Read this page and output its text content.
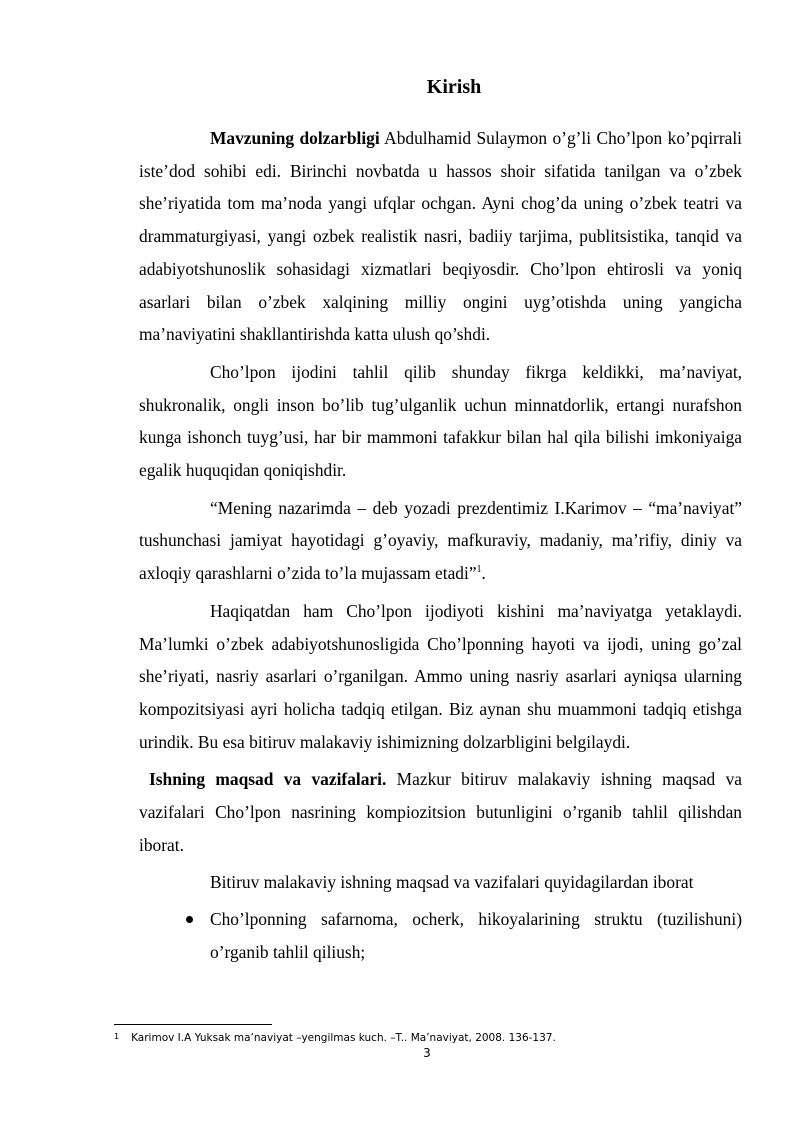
Kirish

Mavzuning dolzarbligi Abdulhamid Sulaymon o’g’li Cho’lpon ko’pqirrali iste’dod sohibi edi. Birinchi novbatda u hassos shoir sifatida tanilgan va o’zbek she’riyatida tom ma’noda yangi ufqlar ochgan. Ayni chog’da uning o’zbek teatri va drammaturgiyasi, yangi ozbek realistik nasri, badiiy tarjima, publitsistika, tanqid va adabiyotshunoslik sohasidagi xizmatlari beqiyosdir. Cho’lpon ehtirosli va yoniq asarlari bilan o’zbek xalqining milliy ongini uyg’otishda uning yangicha ma’naviyatini shakllantirishda katta ulush qo’shdi.

Cho’lpon ijodini tahlil qilib shunday fikrga keldikki, ma’naviyat, shukronalik, ongli inson bo’lib tug’ulganlik uchun minnatdorlik, ertangi nurafshon kunga ishonch tuyg’usi, har bir mammoni tafakkur bilan hal qila bilishi imkoniyaiga egalik huquqidan qoniqishdir.

“Mening nazarimda – deb yozadi prezdentimiz I.Karimov – “ma’naviyat” tushunchasi jamiyat hayotidagi g’oyaviy, mafkuraviy, madaniy, ma’rifiy, diniy va axloqiy qarashlarni o’zida to’la mujassam etadi”$^1$.

Haqiqatdan ham Cho’lpon ijodiyoti kishini ma’naviyatga yetaklaydi. Ma’lumki o’zbek adabiyotshunosligida Cho’lponning hayoti va ijodi, uning go’zal she’riyati, nasriy asarlari o’rganilgan. Ammo uning nasriy asarlari ayniqsa ularning kompozitsiyasi ayri holicha tadqiq etilgan. Biz aynan shu muammoni tadqiq etishga urindik. Bu esa bitiruv malakaviy ishimizning dolzarbligini belgilaydi.

Ishning maqsad va vazifalari. Mazkur bitiruv malakaviy ishning maqsad va vazifalari Cho’lpon nasrining kompiozitsion butunligini o’rganib tahlil qilishdan iborat.

Bitiruv malakaviy ishning maqsad va vazifalari quyidagilardan iborat

Cho’lponning safarnoma, ocherk, hikoyalarining struktu (tuzilishuni) o’rganib tahlil qiliush;
$^1$ Karimov I.A Yuksak ma’naviyat –yengilmas kuch. –T.. Ma’naviyat, 2008. 136-137.
3
